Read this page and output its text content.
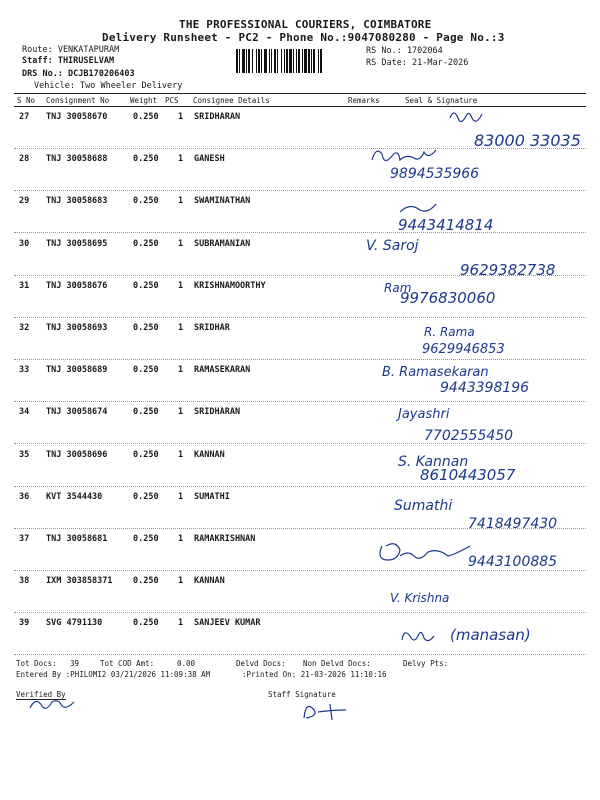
THE PROFESSIONAL COURIERS, COIMBATORE
Delivery Runsheet - PC2 - Phone No.:9047080280 - Page No.:3
Route: VENKATAPURAM
Staff: THIRUSELVAM
DRS No.: DCJB170206403
Vehicle: Two Wheeler Delivery
RS No.: 1702064
RS Date: 21-Mar-2026
S No Consignment No	Weight PCS Consignee Details	Remarks	Seal & Signature
27 TNJ 30058670	0.250 1 SRIDHARAN
28 TNJ 30058688	0.250 1 GANESH
29 TNJ 30058683	0.250 1 SWAMINATHAN
30 TNJ 30058695	0.250 1 SUBRAMANIAN
31 TNJ 30058676	0.250 1 KRISHNAMOORTHY
32 TNJ 30058693	0.250 1 SRIDHAR
33 TNJ 30058689	0.250 1 RAMASEKARAN
34 TNJ 30058674	0.250 1 SRIDHARAN
35 TNJ 30058696	0.250 1 KANNAN
36 KVT 3544430	0.250 1 SUMATHI
37 TNJ 30058681	0.250 1 RAMAKRISHNAN
38 IXM 303858371 0.250 1 KANNAN
39 SVG 4791130	0.250 1 SANJEEV KUMAR
Tot Docs: 39	Tot COD Amt:	0.00	Delvd Docs: Non Delvd Docs:	Delvy Pts:
Entered By :PHILOMI2 03/21/2026 11:09:38 AM	:Printed On: 21-03-2026 11:10:16
Verified By	Staff Signature
83000 33035
9894535966
9443414814
V. Saroj
9629382738
Ram
9976830060
R. Rama
9629946853
B. Ramasekaran
9443398196
Jayashri
7702555450
S. Kannan
8610443057
Sumathi
7418497430
9443100885
V. Krishna
(manasan)
